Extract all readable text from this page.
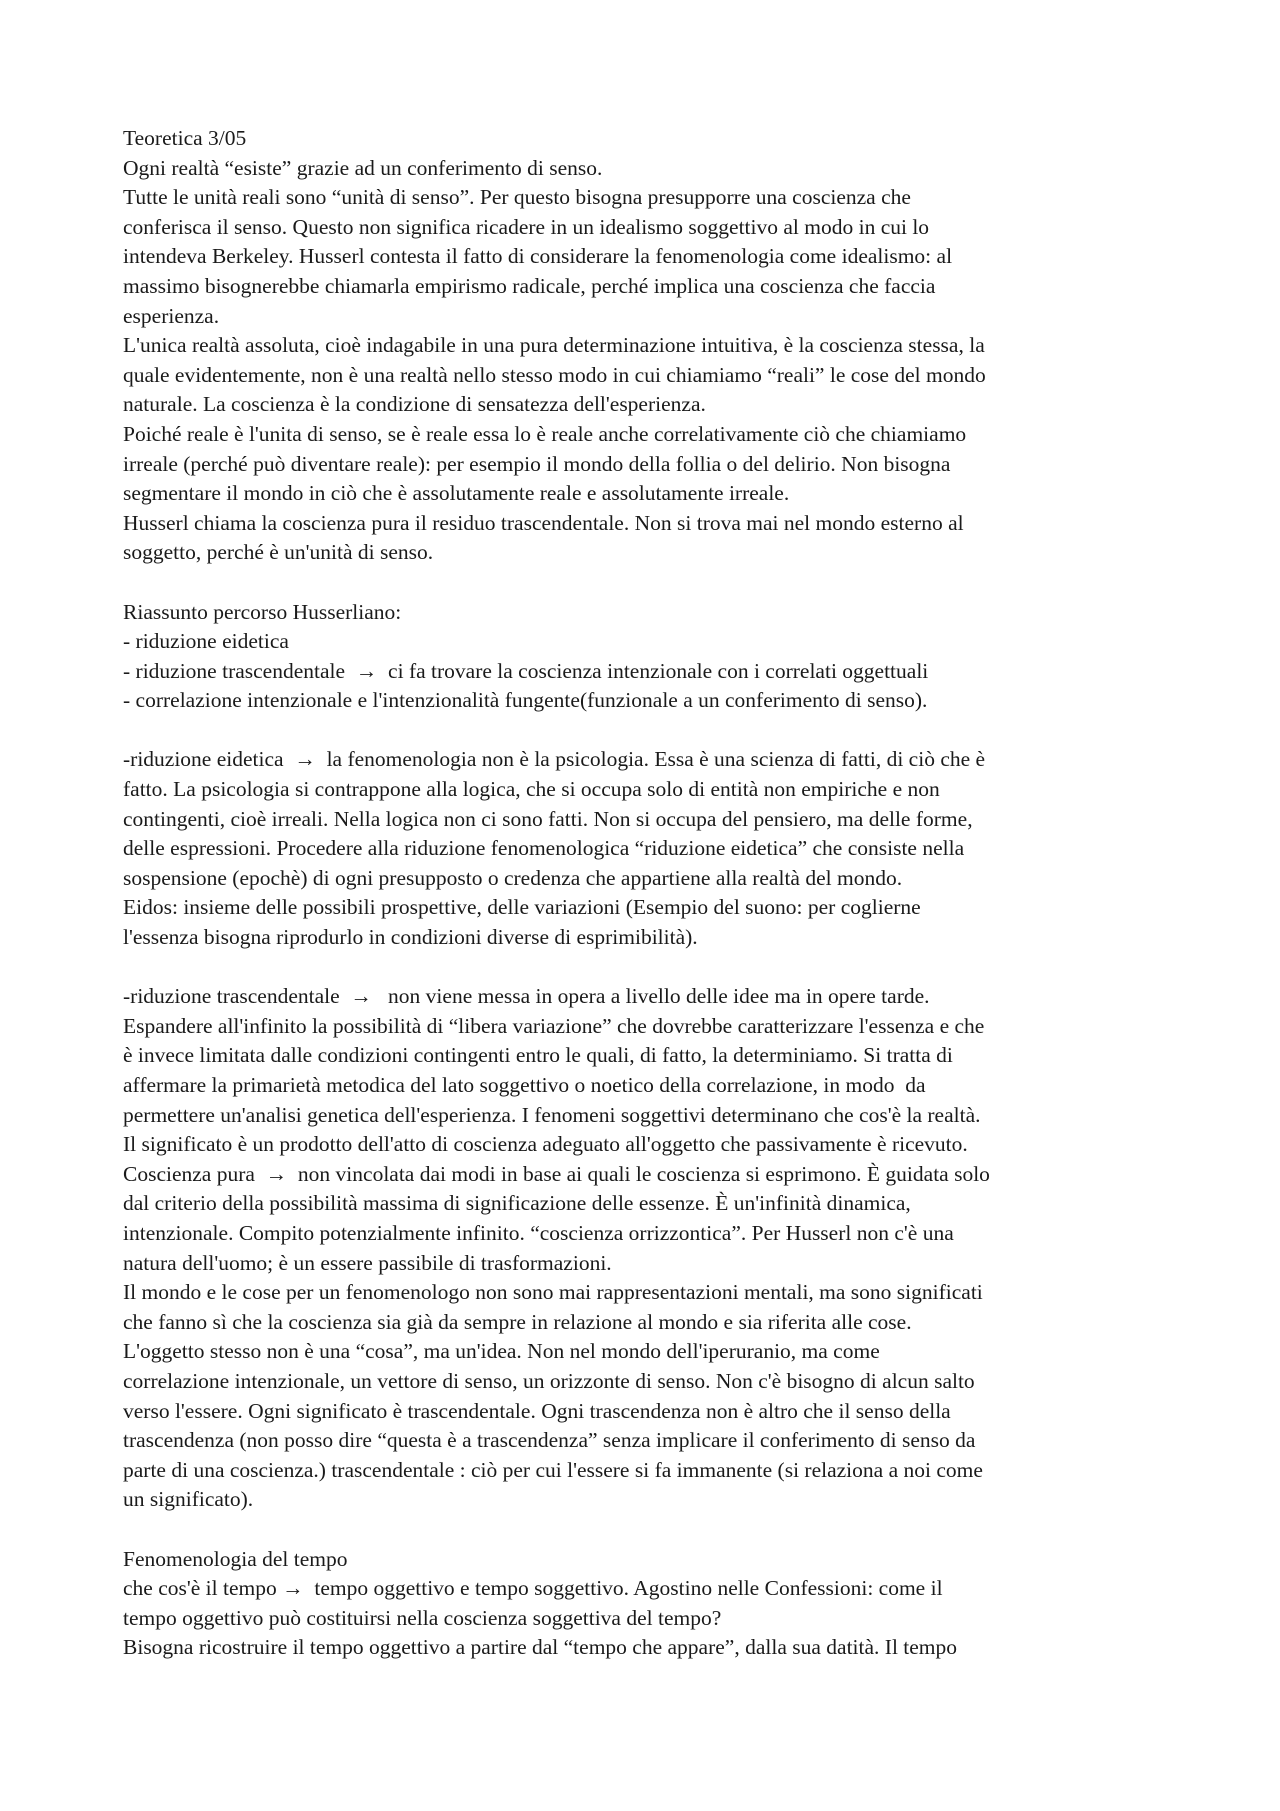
Teoretica 3/05
Ogni realtà “esiste” grazie ad un conferimento di senso.
Tutte le unità reali sono “unità di senso”. Per questo bisogna presupporre una coscienza che
conferisca il senso. Questo non significa ricadere in un idealismo soggettivo al modo in cui lo
intendeva Berkeley. Husserl contesta il fatto di considerare la fenomenologia come idealismo: al
massimo bisognerebbe chiamarla empirismo radicale, perché implica una coscienza che faccia
esperienza.
L'unica realtà assoluta, cioè indagabile in una pura determinazione intuitiva, è la coscienza stessa, la
quale evidentemente, non è una realtà nello stesso modo in cui chiamiamo “reali” le cose del mondo
naturale. La coscienza è la condizione di sensatezza dell'esperienza.
Poiché reale è l'unita di senso, se è reale essa lo è reale anche correlativamente ciò che chiamiamo
irreale (perché può diventare reale): per esempio il mondo della follia o del delirio. Non bisogna
segmentare il mondo in ciò che è assolutamente reale e assolutamente irreale.
Husserl chiama la coscienza pura il residuo trascendentale. Non si trova mai nel mondo esterno al
soggetto, perché è un'unità di senso.
Riassunto percorso Husserliano:
- riduzione eidetica
- riduzione trascendentale  →  ci fa trovare la coscienza intenzionale con i correlati oggettuali
- correlazione intenzionale e l'intenzionalità fungente(funzionale a un conferimento di senso).
-riduzione eidetica  →  la fenomenologia non è la psicologia. Essa è una scienza di fatti, di ciò che è
fatto. La psicologia si contrappone alla logica, che si occupa solo di entità non empiriche e non
contingenti, cioè irreali. Nella logica non ci sono fatti. Non si occupa del pensiero, ma delle forme,
delle espressioni. Procedere alla riduzione fenomenologica “riduzione eidetica” che consiste nella
sospensione (epochè) di ogni presupposto o credenza che appartiene alla realtà del mondo.
Eidos: insieme delle possibili prospettive, delle variazioni (Esempio del suono: per coglierne
l'essenza bisogna riprodurlo in condizioni diverse di esprimibilità).
-riduzione trascendentale  →   non viene messa in opera a livello delle idee ma in opere tarde.
Espandere all'infinito la possibilità di “libera variazione” che dovrebbe caratterizzare l'essenza e che
è invece limitata dalle condizioni contingenti entro le quali, di fatto, la determiniamo. Si tratta di
affermare la primarietà metodica del lato soggettivo o noetico della correlazione, in modo  da
permettere un'analisi genetica dell'esperienza. I fenomeni soggettivi determinano che cos'è la realtà.
Il significato è un prodotto dell'atto di coscienza adeguato all'oggetto che passivamente è ricevuto.
Coscienza pura  →  non vincolata dai modi in base ai quali le coscienza si esprimono. È guidata solo
dal criterio della possibilità massima di significazione delle essenze. È un'infinità dinamica,
intenzionale. Compito potenzialmente infinito. “coscienza orrizzontica”. Per Husserl non c'è una
natura dell'uomo; è un essere passibile di trasformazioni.
Il mondo e le cose per un fenomenologo non sono mai rappresentazioni mentali, ma sono significati
che fanno sì che la coscienza sia già da sempre in relazione al mondo e sia riferita alle cose.
L'oggetto stesso non è una “cosa”, ma un'idea. Non nel mondo dell'iperuranio, ma come
correlazione intenzionale, un vettore di senso, un orizzonte di senso. Non c'è bisogno di alcun salto
verso l'essere. Ogni significato è trascendentale. Ogni trascendenza non è altro che il senso della
trascendenza (non posso dire “questa è a trascendenza” senza implicare il conferimento di senso da
parte di una coscienza.) trascendentale : ciò per cui l'essere si fa immanente (si relaziona a noi come
un significato).
Fenomenologia del tempo
che cos'è il tempo →  tempo oggettivo e tempo soggettivo. Agostino nelle Confessioni: come il
tempo oggettivo può costituirsi nella coscienza soggettiva del tempo?
Bisogna ricostruire il tempo oggettivo a partire dal “tempo che appare”, dalla sua datità. Il tempo
